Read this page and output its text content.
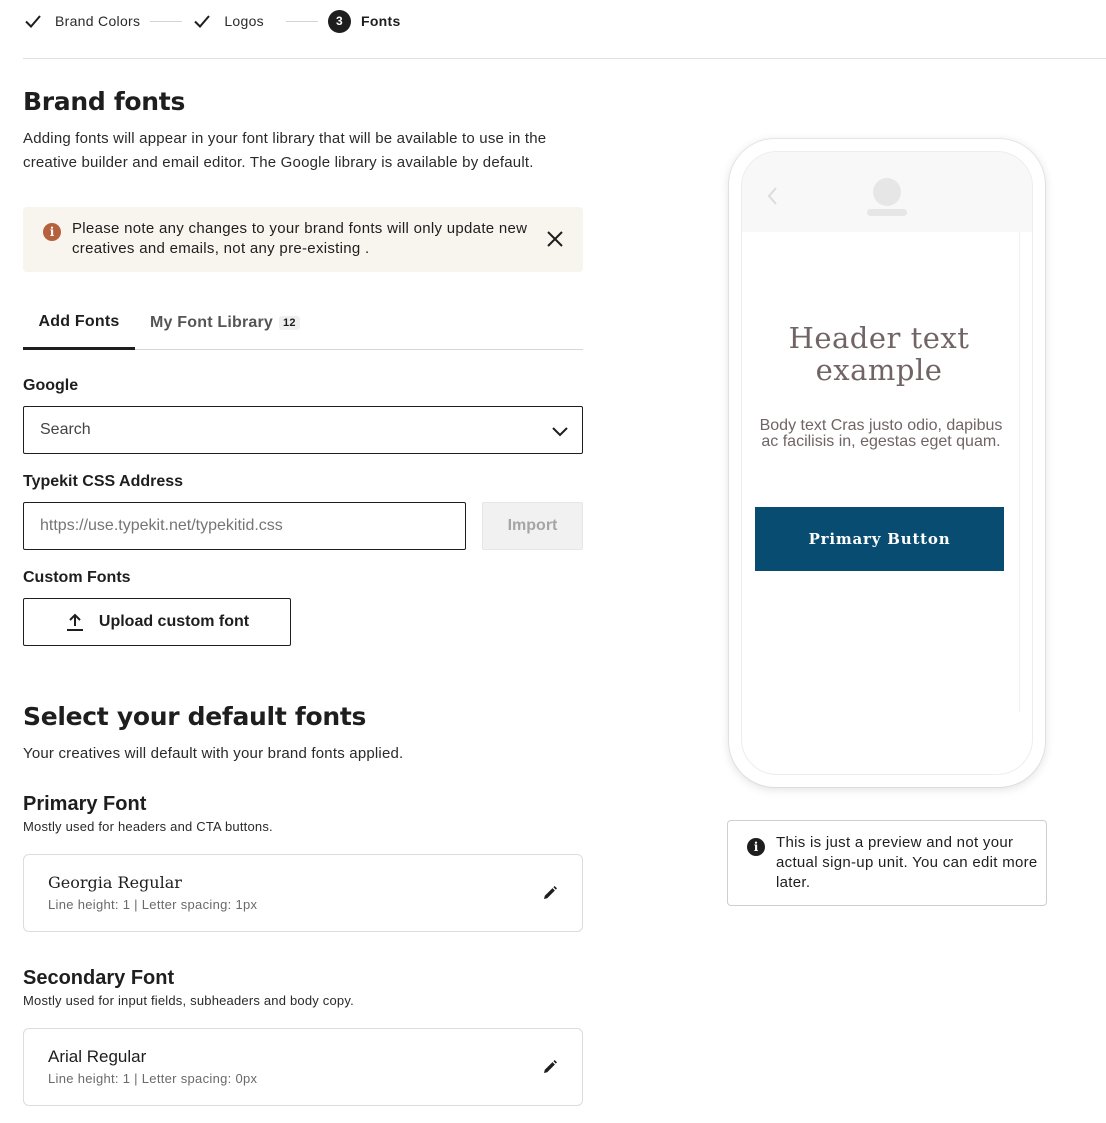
Brand Colors	Logos	3	Fonts
Brand fonts

Adding fonts will appear in your font library that will be available to use in the creative builder and email editor. The Google library is available by default.

i	Please note any changes to your brand fonts will only update new creatives and emails, not any pre-existing .
Add Fonts My Font Library 12
Google
Search
Typekit CSS Address
https://use.typekit.net/typekitid.css
Import
Custom Fonts
Upload custom font
Select your default fonts

Your creatives will default with your brand fonts applied.

Primary Font
Mostly used for headers and CTA buttons.
Georgia Regular
Line height: 1 | Letter spacing: 1px
Secondary Font
Mostly used for input fields, subheaders and body copy.
Arial Regular
Line height: 1 | Letter spacing: 0px
Header text example
Body text Cras justo odio, dapibus ac facilisis in, egestas eget quam.
Primary Button
i	This is just a preview and not your actual sign-up unit. You can edit more later.
